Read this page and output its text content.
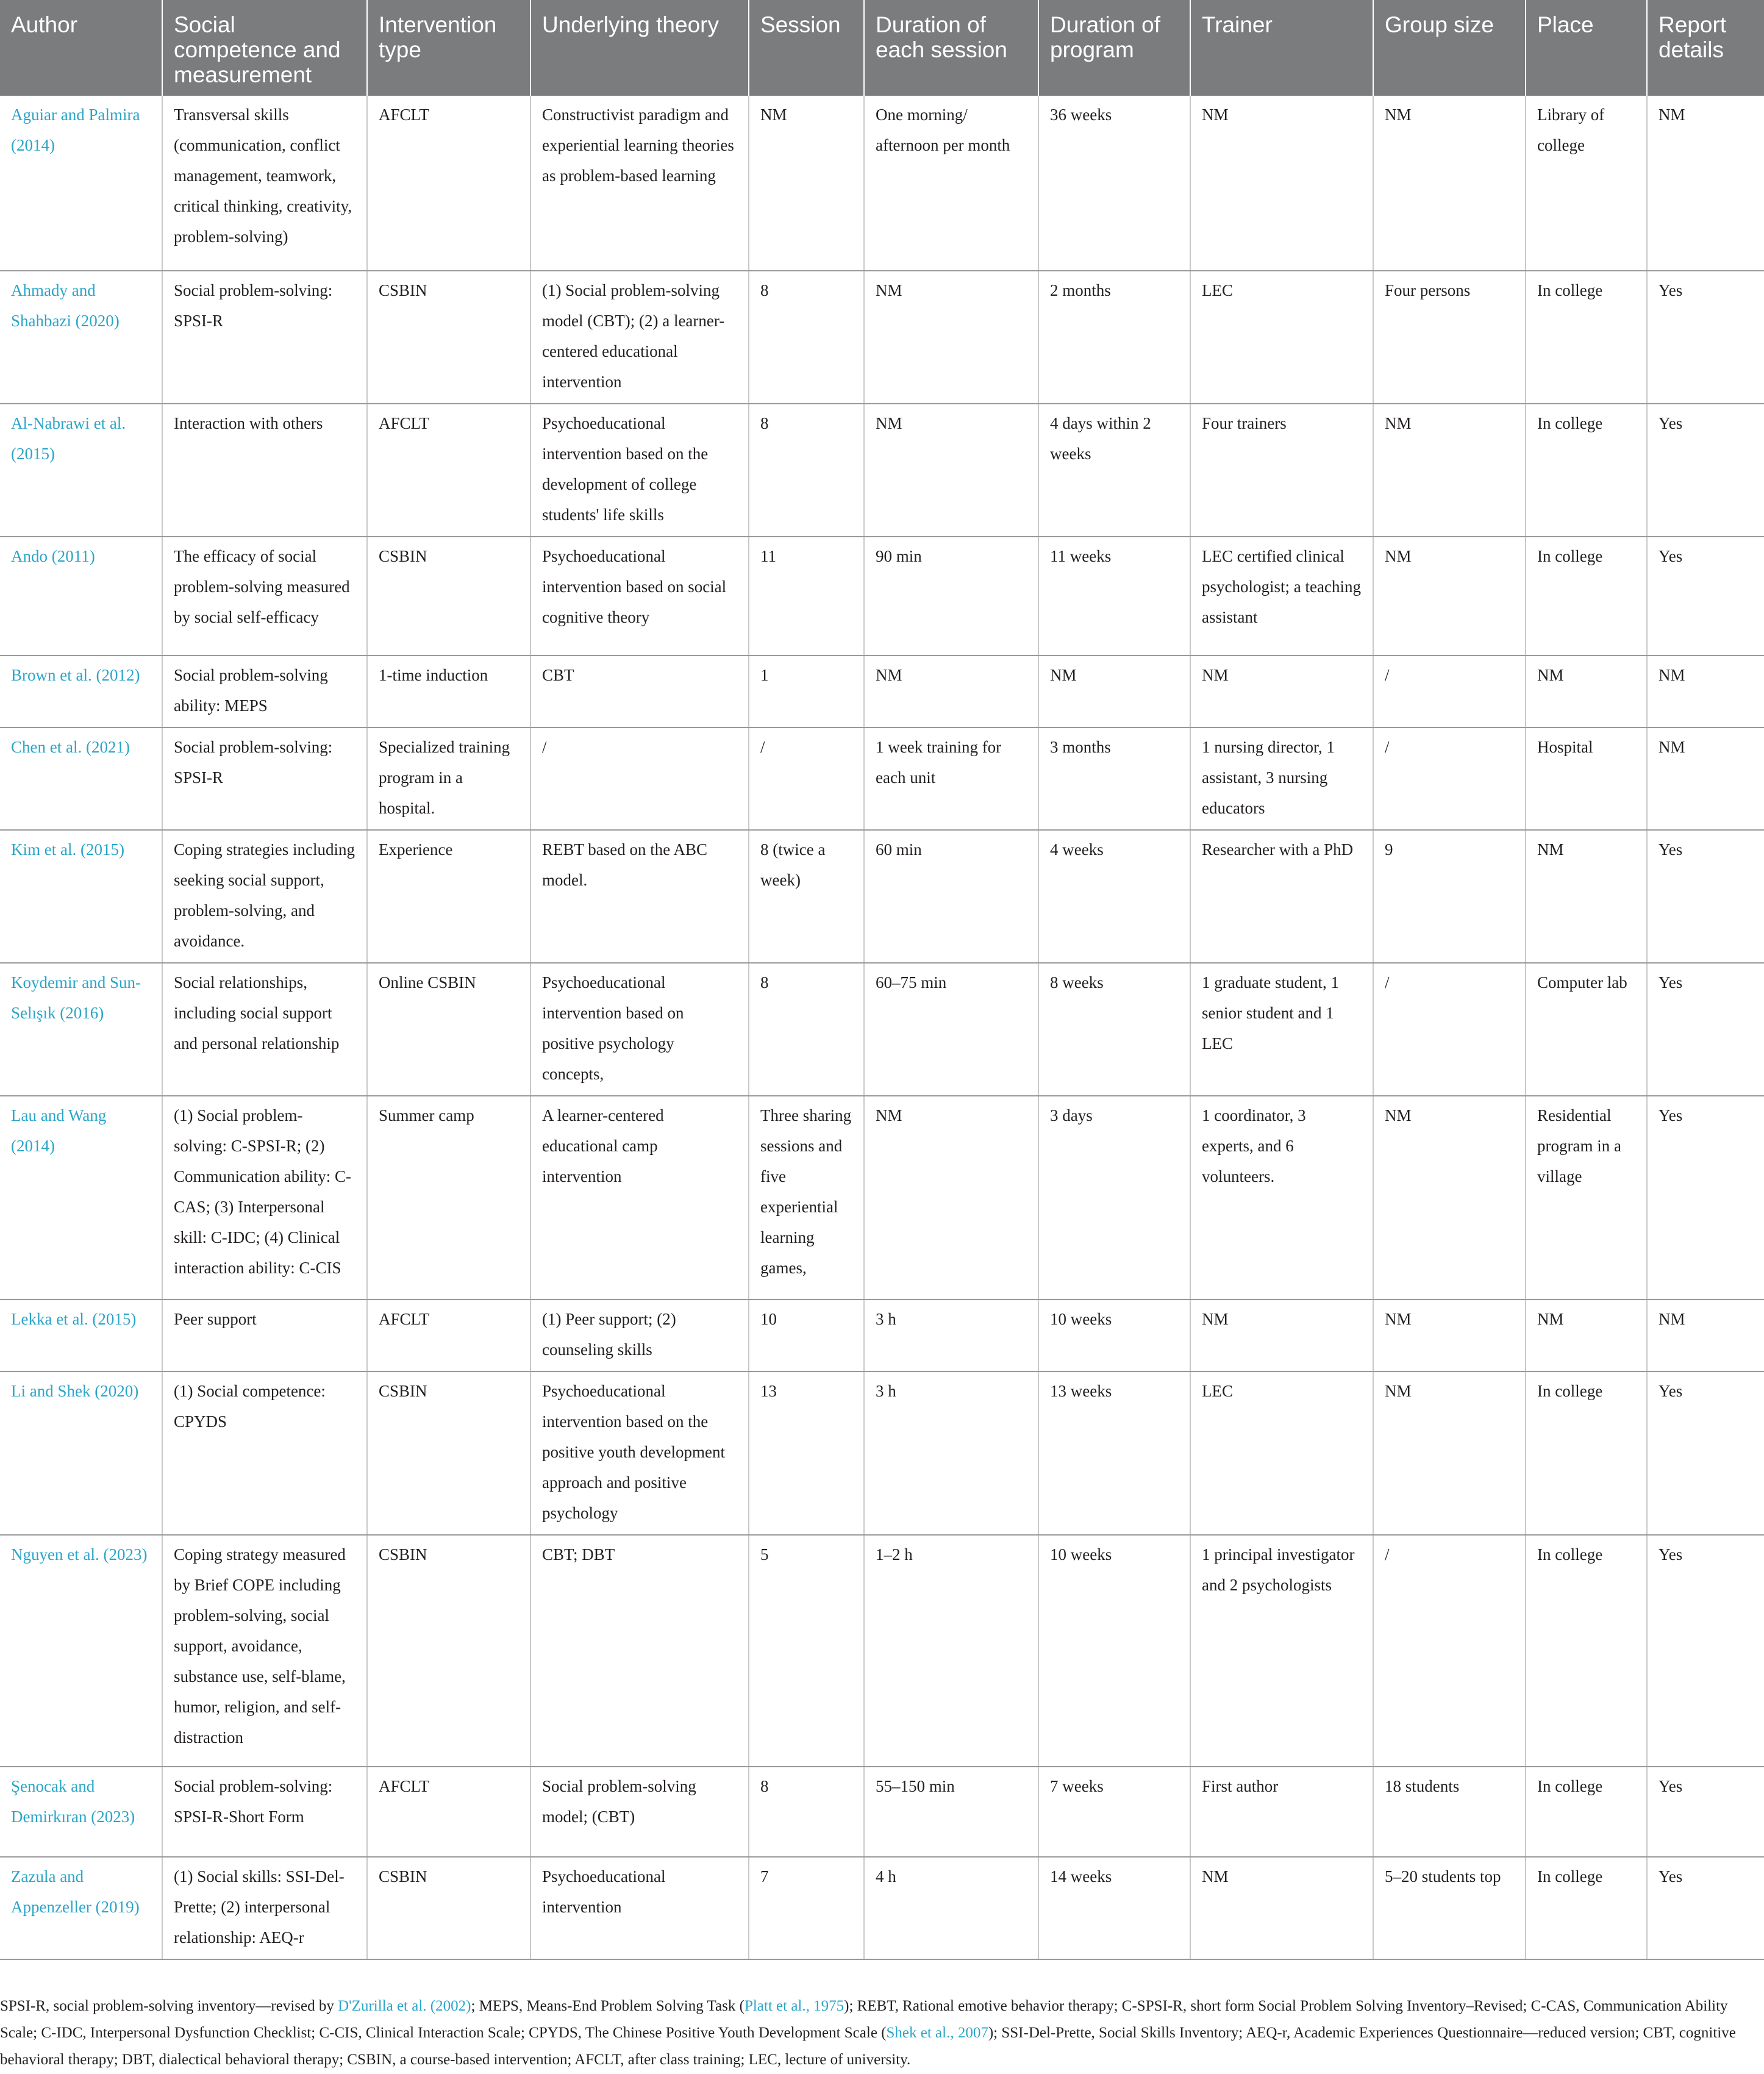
Author	Social competence and measurement	Intervention type	Underlying theory	Session	Duration of each session	Duration of program	Trainer	Group size	Place	Report details
Aguiar and Palmira (2014)	Transversal skills (communication, conflict management, teamwork, critical thinking, creativity, problem-solving)	AFCLT	Constructivist paradigm and experiential learning theories as problem-based learning	NM	One morning/ afternoon per month	36 weeks	NM	NM	Library of college	NM
Ahmady and Shahbazi (2020)	Social problem-solving: SPSI-R	CSBIN	(1) Social problem-solving model (CBT); (2) a learner-centered educational intervention	8	NM	2 months	LEC	Four persons	In college	Yes
Al-Nabrawi et al. (2015)	Interaction with others	AFCLT	Psychoeducational intervention based on the development of college students' life skills	8	NM	4 days within 2 weeks	Four trainers	NM	In college	Yes
Ando (2011)	The efficacy of social problem-solving measured by social self-efficacy	CSBIN	Psychoeducational intervention based on social cognitive theory	11	90 min	11 weeks	LEC certified clinical psychologist; a teaching assistant	NM	In college	Yes
Brown et al. (2012)	Social problem-solving ability: MEPS	1-time induction	CBT	1	NM	NM	NM	/	NM	NM
Chen et al. (2021)	Social problem-solving: SPSI-R	Specialized training program in a hospital.	/	/	1 week training for each unit	3 months	1 nursing director, 1 assistant, 3 nursing educators	/	Hospital	NM
Kim et al. (2015)	Coping strategies including seeking social support, problem-solving, and avoidance.	Experience	REBT based on the ABC model.	8 (twice a week)	60 min	4 weeks	Researcher with a PhD	9	NM	Yes
Koydemir and Sun-Selışık (2016)	Social relationships, including social support and personal relationship	Online CSBIN	Psychoeducational intervention based on positive psychology concepts,	8	60–75 min	8 weeks	1 graduate student, 1 senior student and 1 LEC	/	Computer lab	Yes
Lau and Wang (2014)	(1) Social problem-solving: C-SPSI-R; (2) Communication ability: C-CAS; (3) Interpersonal skill: C-IDC; (4) Clinical interaction ability: C-CIS	Summer camp	A learner-centered educational camp intervention	Three sharing sessions and five experiential learning games,	NM	3 days	1 coordinator, 3 experts, and 6 volunteers.	NM	Residential program in a village	Yes
Lekka et al. (2015)	Peer support	AFCLT	(1) Peer support; (2) counseling skills	10	3 h	10 weeks	NM	NM	NM	NM
Li and Shek (2020)	(1) Social competence: CPYDS	CSBIN	Psychoeducational intervention based on the positive youth development approach and positive psychology	13	3 h	13 weeks	LEC	NM	In college	Yes
Nguyen et al. (2023)	Coping strategy measured by Brief COPE including problem-solving, social support, avoidance, substance use, self-blame, humor, religion, and self-distraction	CSBIN	CBT; DBT	5	1–2 h	10 weeks	1 principal investigator and 2 psychologists	/	In college	Yes
Şenocak and Demirkıran (2023)	Social problem-solving: SPSI-R-Short Form	AFCLT	Social problem-solving model; (CBT)	8	55–150 min	7 weeks	First author	18 students	In college	Yes
Zazula and Appenzeller (2019)	(1) Social skills: SSI-Del-Prette; (2) interpersonal relationship: AEQ-r	CSBIN	Psychoeducational intervention	7	4 h	14 weeks	NM	5–20 students top	In college	Yes
SPSI-R, social problem-solving inventory—revised by D'Zurilla et al. (2002); MEPS, Means-End Problem Solving Task (Platt et al., 1975); REBT, Rational emotive behavior therapy; C-SPSI-R, short form Social Problem Solving Inventory–Revised; C-CAS, Communication Ability Scale; C-IDC, Interpersonal Dysfunction Checklist; C-CIS, Clinical Interaction Scale; CPYDS, The Chinese Positive Youth Development Scale (Shek et al., 2007); SSI-Del-Prette, Social Skills Inventory; AEQ-r, Academic Experiences Questionnaire—reduced version; CBT, cognitive behavioral therapy; DBT, dialectical behavioral therapy; CSBIN, a course-based intervention; AFCLT, after class training; LEC, lecture of university.
